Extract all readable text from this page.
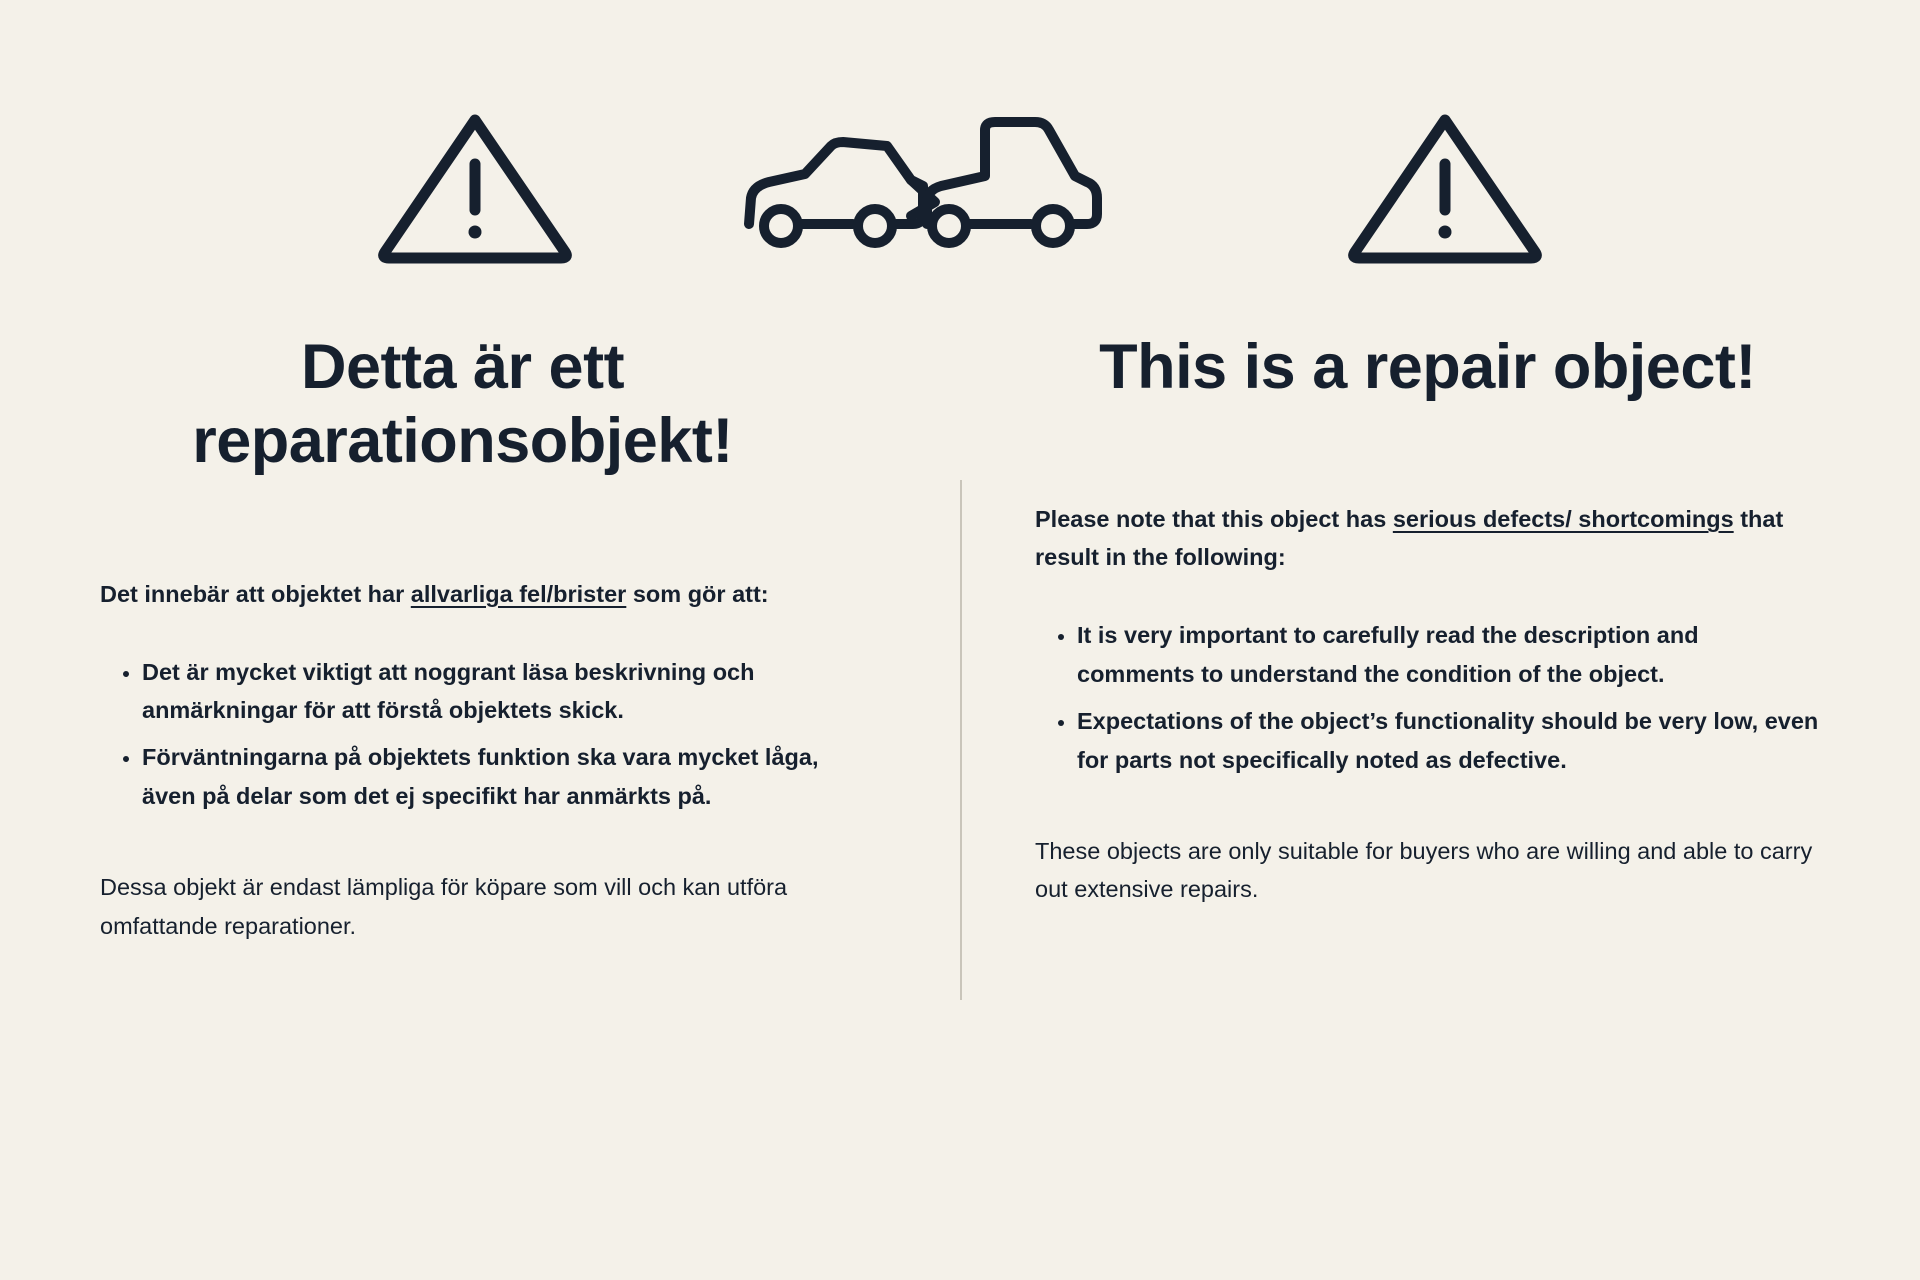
Detta är ett reparationsobjekt!

Det innebär att objektet har allvarliga fel/brister som gör att:

• Det är mycket viktigt att noggrant läsa beskrivning och anmärkningar för att förstå objektets skick.
• Förväntningarna på objektets funktion ska vara mycket låga, även på delar som det ej specifikt har anmärkts på.

Dessa objekt är endast lämpliga för köpare som vill och kan utföra omfattande reparationer.

This is a repair object!

Please note that this object has serious defects/ shortcomings that result in the following:

• It is very important to carefully read the description and comments to understand the condition of the object.
• Expectations of the object’s functionality should be very low, even for parts not specifically noted as defective.

These objects are only suitable for buyers who are willing and able to carry out extensive repairs.
